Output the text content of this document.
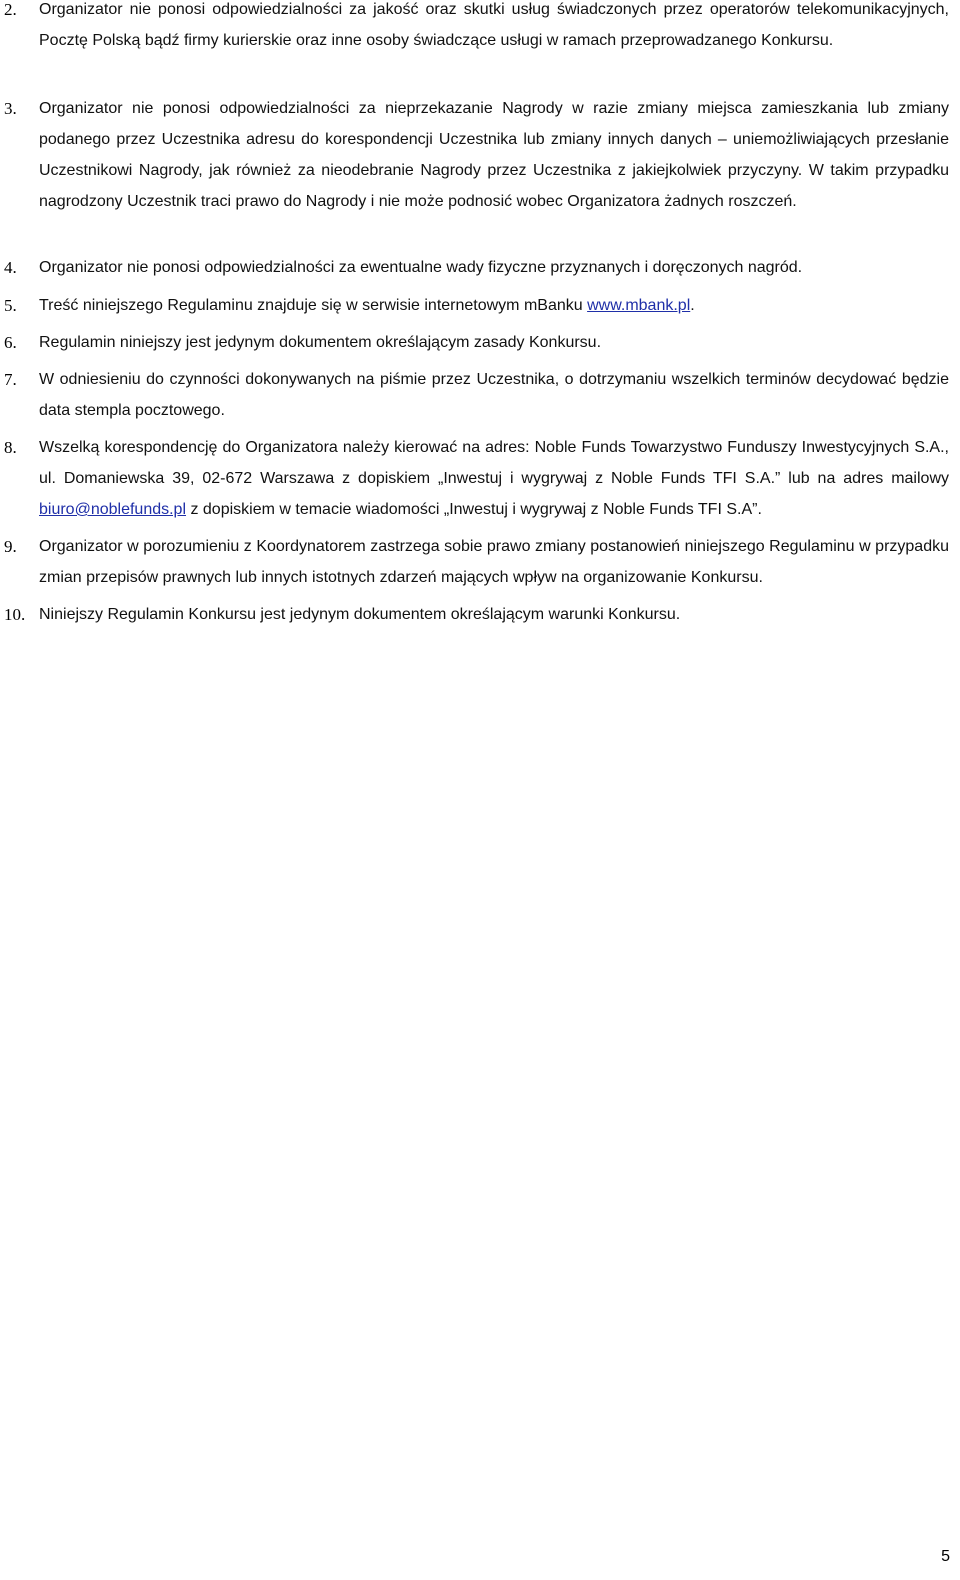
2. Organizator nie ponosi odpowiedzialności za jakość oraz skutki usług świadczonych przez operatorów telekomunikacyjnych, Pocztę Polską bądź firmy kurierskie oraz inne osoby świadczące usługi w ramach przeprowadzanego Konkursu.
3. Organizator nie ponosi odpowiedzialności za nieprzekazanie Nagrody w razie zmiany miejsca zamieszkania lub zmiany podanego przez Uczestnika adresu do korespondencji Uczestnika lub zmiany innych danych – uniemożliwiających przesłanie Uczestnikowi Nagrody, jak również za nieodebranie Nagrody przez Uczestnika z jakiejkolwiek przyczyny. W takim przypadku nagrodzony Uczestnik traci prawo do Nagrody i nie może podnosić wobec Organizatora żadnych roszczeń.
4. Organizator nie ponosi odpowiedzialności za ewentualne wady fizyczne przyznanych i doręczonych nagród.
5. Treść niniejszego Regulaminu znajduje się w serwisie internetowym mBanku www.mbank.pl.
6. Regulamin niniejszy jest jedynym dokumentem określającym zasady Konkursu.
7. W odniesieniu do czynności dokonywanych na piśmie przez Uczestnika, o dotrzymaniu wszelkich terminów decydować będzie data stempla pocztowego.
8. Wszelką korespondencję do Organizatora należy kierować na adres: Noble Funds Towarzystwo Funduszy Inwestycyjnych S.A., ul. Domaniewska 39, 02-672 Warszawa z dopiskiem „Inwestuj i wygrywaj z Noble Funds TFI S.A.” lub na adres mailowy biuro@noblefunds.pl z dopiskiem w temacie wiadomości „Inwestuj i wygrywaj z Noble Funds TFI S.A”.
9. Organizator w porozumieniu z Koordynatorem zastrzega sobie prawo zmiany postanowień niniejszego Regulaminu w przypadku zmian przepisów prawnych lub innych istotnych zdarzeń mających wpływ na organizowanie Konkursu.
10. Niniejszy Regulamin Konkursu jest jedynym dokumentem określającym warunki Konkursu.
5
